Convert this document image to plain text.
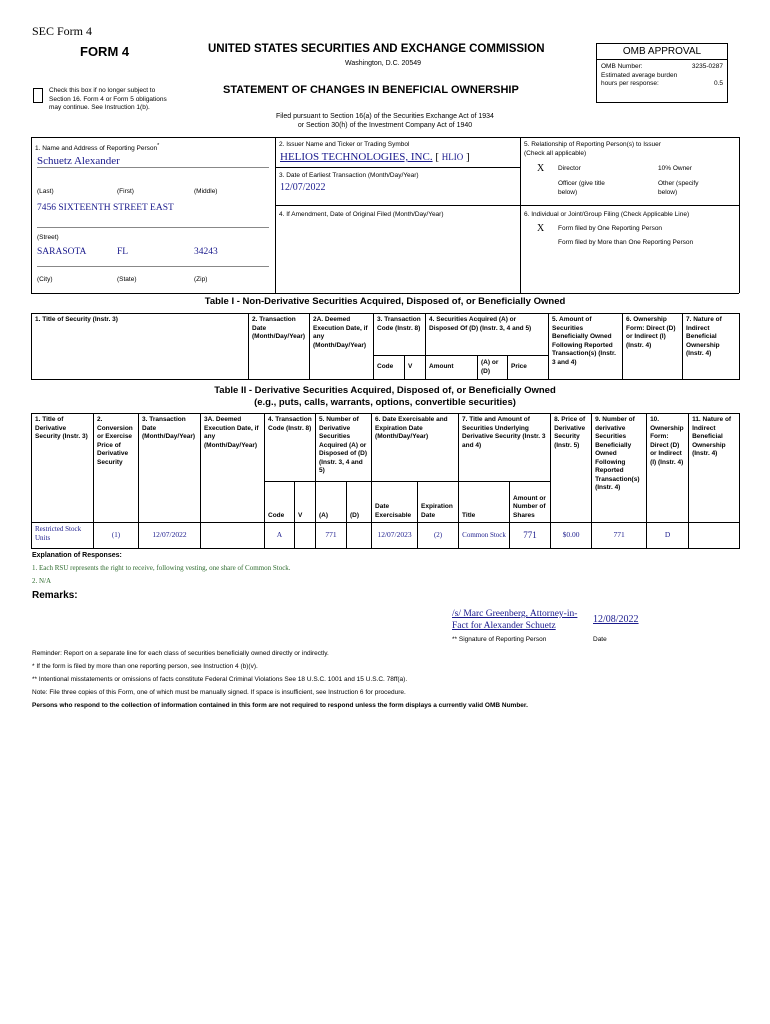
SEC Form 4
FORM 4	UNITED STATES SECURITIES AND EXCHANGE COMMISSION
Washington, D.C. 20549
STATEMENT OF CHANGES IN BENEFICIAL OWNERSHIP
Check this box if no longer subject to
Section 16. Form 4 or Form 5 obligations
may continue. See Instruction 1(b).
OMB APPROVAL
OMB Number:	3235-0287
Estimated average burden
hours per response:	0.5
Filed pursuant to Section 16(a) of the Securities Exchange Act of 1934
or Section 30(h) of the Investment Company Act of 1940
1. Name and Address of Reporting Person*
Schuetz Alexander
(Last)	(First)	(Middle)
7456 SIXTEENTH STREET EAST
(Street)
SARASOTA	FL	34243
(City)	(State)	(Zip)
2. Issuer Name and Ticker or Trading Symbol
HELIOS TECHNOLOGIES, INC. [ HLIO ]
3. Date of Earliest Transaction (Month/Day/Year)
12/07/2022
4. If Amendment, Date of Original Filed (Month/Day/Year)
5. Relationship of Reporting Person(s) to Issuer
(Check all applicable)
X Director	10% Owner
Officer (give title
below)
Other (specify
below)
6. Individual or Joint/Group Filing (Check Applicable Line)
X Form filed by One Reporting Person
Form filed by More than One Reporting Person
Table I - Non-Derivative Securities Acquired, Disposed of, or Beneficially Owned
1. Title of Security (Instr. 3)	2. Transaction Date (Month/Day/Year)	2A. Deemed Execution Date, if any (Month/Day/Year)	3. Transaction Code (Instr. 8)		4. Securities Acquired (A) or Disposed Of (D) (Instr. 3, 4 and 5)			5. Amount of Securities Beneficially Owned Following Reported Transaction(s) (Instr. 3 and 4)	6. Ownership Form: Direct (D) or Indirect (I) (Instr. 4)	7. Nature of Indirect Beneficial Ownership (Instr. 4)
			Code	V	Amount	(A) or (D)	Price			
Table II - Derivative Securities Acquired, Disposed of, or Beneficially Owned
(e.g., puts, calls, warrants, options, convertible securities)
1. Title of Derivative Security (Instr. 3)	2. Conversion or Exercise Price of Derivative Security	3. Transaction Date (Month/Day/Year)	3A. Deemed Execution Date, if any (Month/Day/Year)	4. Transaction Code (Instr. 8)		5. Number of Derivative Securities Acquired (A) or Disposed of (D) (Instr. 3, 4 and 5)		6. Date Exercisable and Expiration Date (Month/Day/Year)		7. Title and Amount of Securities Underlying Derivative Security (Instr. 3 and 4)		8. Price of Derivative Security (Instr. 5)	9. Number of derivative Securities Beneficially Owned Following Reported Transaction(s) (Instr. 4)	10. Ownership Form: Direct (D) or Indirect (I) (Instr. 4)	11. Nature of Indirect Beneficial Ownership (Instr. 4)
				Code	V	(A)	(D)	Date Exercisable	Expiration Date	Title	Amount or Number of Shares				
Restricted Stock Units	(1)	12/07/2022		A		771		12/07/2023	(2)	Common Stock	771	$0.00	771	D	
Explanation of Responses:
1. Each RSU represents the right to receive, following vesting, one share of Common Stock.
2. N/A
Remarks:
/s/ Marc Greenberg, Attorney-in-
Fact for Alexander Schuetz
12/08/2022
** Signature of Reporting Person	Date
Reminder: Report on a separate line for each class of securities beneficially owned directly or indirectly.
* If the form is filed by more than one reporting person, see Instruction 4 (b)(v).
** Intentional misstatements or omissions of facts constitute Federal Criminal Violations See 18 U.S.C. 1001 and 15 U.S.C. 78ff(a).
Note: File three copies of this Form, one of which must be manually signed. If space is insufficient, see Instruction 6 for procedure.
Persons who respond to the collection of information contained in this form are not required to respond unless the form displays a currently valid OMB Number.
